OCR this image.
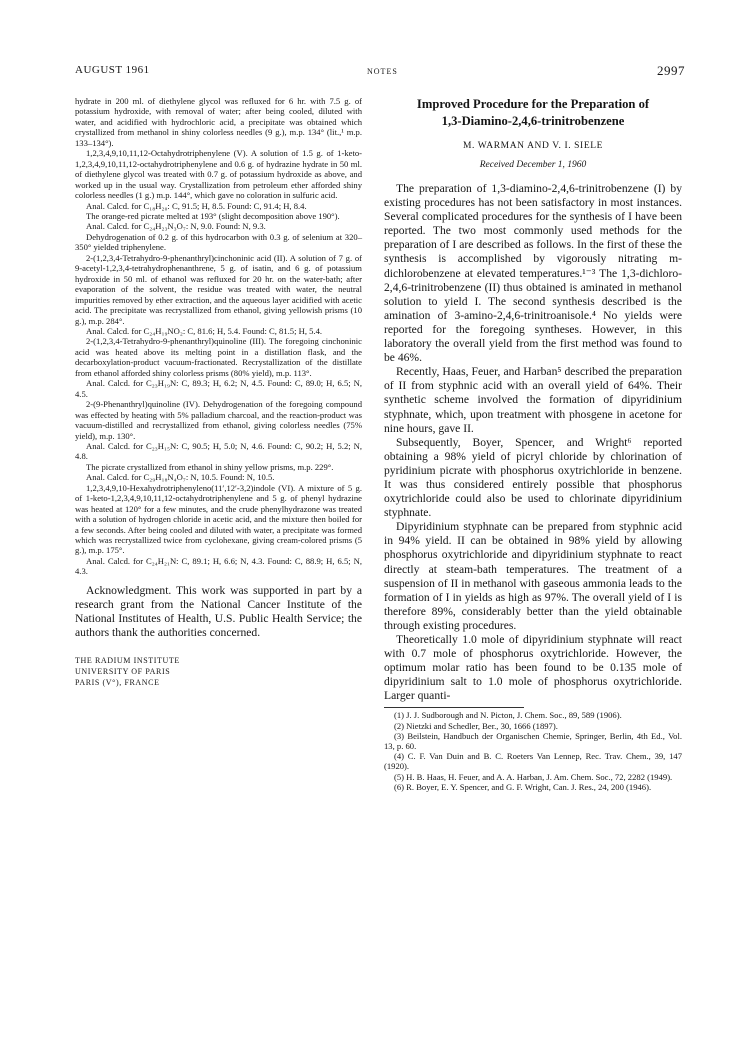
AUGUST 1961	NOTES	2997

hydrate in 200 ml. of diethylene glycol was refluxed for 6 hr. with 7.5 g. of potassium hydroxide, with removal of water; after being cooled, diluted with water, and acidified with hydrochloric acid, a precipitate was obtained which crystallized from methanol in shiny colorless needles (9 g.), m.p. 134° (lit.,¹ m.p. 133–134°).

1,2,3,4,9,10,11,12-Octahydrotriphenylene (V). A solution of 1.5 g. of 1-keto-1,2,3,4,9,10,11,12-octahydrotriphenylene and 0.6 g. of hydrazine hydrate in 50 ml. of diethylene glycol was treated with 0.7 g. of potassium hydroxide as above, and worked up in the usual way. Crystallization from petroleum ether afforded shiny colorless needles (1 g.) m.p. 144°, which gave no coloration in sulfuric acid.

Anal. Calcd. for C₁₈H₂₀: C, 91.5; H, 8.5. Found: C, 91.4; H, 8.4.

The orange-red picrate melted at 193° (slight decomposition above 190°).

Anal. Calcd. for C₂₄H₂₃N₃O₇: N, 9.0. Found: N, 9.3.

Dehydrogenation of 0.2 g. of this hydrocarbon with 0.3 g. of selenium at 320–350° yielded triphenylene.

2-(1,2,3,4-Tetrahydro-9-phenanthryl)cinchoninic acid (II). A solution of 7 g. of 9-acetyl-1,2,3,4-tetrahydrophenanthrene, 5 g. of isatin, and 6 g. of potassium hydroxide in 50 ml. of ethanol was refluxed for 20 hr. on the water-bath; after evaporation of the solvent, the residue was treated with water, the neutral impurities removed by ether extraction, and the aqueous layer acidified with acetic acid. The precipitate was recrystallized from ethanol, giving yellowish prisms (10 g.), m.p. 284°.

Anal. Calcd. for C₂₄H₁₉NO₂: C, 81.6; H, 5.4. Found: C, 81.5; H, 5.4.

2-(1,2,3,4-Tetrahydro-9-phenanthryl)quinoline (III). The foregoing cinchoninic acid was heated above its melting point in a distillation flask, and the decarboxylation-product vacuum-fractionated. Recrystallization of the distillate from ethanol afforded shiny colorless prisms (80% yield), m.p. 113°.

Anal. Calcd. for C₂₃H₁₉N: C, 89.3; H, 6.2; N, 4.5. Found: C, 89.0; H, 6.5; N, 4.5.

2-(9-Phenanthryl)quinoline (IV). Dehydrogenation of the foregoing compound was effected by heating with 5% palladium charcoal, and the reaction-product was vacuum-distilled and recrystallized from ethanol, giving colorless needles (75% yield), m.p. 130°.

Anal. Calcd. for C₂₃H₁₅N: C, 90.5; H, 5.0; N, 4.6. Found: C, 90.2; H, 5.2; N, 4.8.

The picrate crystallized from ethanol in shiny yellow prisms, m.p. 229°.

Anal. Calcd. for C₂₉H₁₈N₄O₇: N, 10.5. Found: N, 10.5.

1,2,3,4,9,10-Hexahydrotriphenyleno(11′,12′-3,2)indole (VI). A mixture of 5 g. of 1-keto-1,2,3,4,9,10,11,12-octahydrotriphenylene and 5 g. of phenyl hydrazine was heated at 120° for a few minutes, and the crude phenylhydrazone was treated with a solution of hydrogen chloride in acetic acid, and the mixture then boiled for a few seconds. After being cooled and diluted with water, a precipitate was formed which was recrystallized twice from cyclohexane, giving cream-colored prisms (5 g.), m.p. 175°.

Anal. Calcd. for C₂₄H₂₁N: C, 89.1; H, 6.6; N, 4.3. Found: C, 88.9; H, 6.5; N, 4.3.

Acknowledgment. This work was supported in part by a research grant from the National Cancer Institute of the National Institutes of Health, U.S. Public Health Service; the authors thank the authorities concerned.

THE RADIUM INSTITUTE
UNIVERSITY OF PARIS
PARIS (V°), FRANCE

Improved Procedure for the Preparation of
1,3-Diamino-2,4,6-trinitrobenzene

M. WARMAN AND V. I. SIELE
Received December 1, 1960

The preparation of 1,3-diamino-2,4,6-trinitrobenzene (I) by existing procedures has not been satisfactory in most instances. Several complicated procedures for the synthesis of I have been reported. The two most commonly used methods for the preparation of I are described as follows. In the first of these the synthesis is accomplished by vigorously nitrating m-dichlorobenzene at elevated temperatures.¹⁻³ The 1,3-dichloro-2,4,6-trinitrobenzene (II) thus obtained is aminated in methanol solution to yield I. The second synthesis described is the amination of 3-amino-2,4,6-trinitroanisole.⁴ No yields were reported for the foregoing syntheses. However, in this laboratory the overall yield from the first method was found to be 46%.

Recently, Haas, Feuer, and Harban⁵ described the preparation of II from styphnic acid with an overall yield of 64%. Their synthetic scheme involved the formation of dipyridinium styphnate, which, upon treatment with phosgene in acetone for nine hours, gave II.

Subsequently, Boyer, Spencer, and Wright⁶ reported obtaining a 98% yield of picryl chloride by chlorination of pyridinium picrate with phosphorus oxytrichloride in benzene. It was thus considered entirely possible that phosphorus oxytrichloride could also be used to chlorinate dipyridinium styphnate.

Dipyridinium styphnate can be prepared from styphnic acid in 94% yield. II can be obtained in 98% yield by allowing phosphorus oxytrichloride and dipyridinium styphnate to react directly at steam-bath temperatures. The treatment of a suspension of II in methanol with gaseous ammonia leads to the formation of I in yields as high as 97%. The overall yield of I is therefore 89%, considerably better than the yield obtainable through existing procedures.

Theoretically 1.0 mole of dipyridinium styphnate will react with 0.7 mole of phosphorus oxytrichloride. However, the optimum molar ratio has been found to be 0.135 mole of dipyridinium salt to 1.0 mole of phosphorus oxytrichloride. Larger quanti-

(1) J. J. Sudborough and N. Picton, J. Chem. Soc., 89, 589 (1906).

(2) Nietzki and Schedler, Ber., 30, 1666 (1897).

(3) Beilstein, Handbuch der Organischen Chemie, Springer, Berlin, 4th Ed., Vol. 13, p. 60.

(4) C. F. Van Duin and B. C. Roeters Van Lennep, Rec. Trav. Chem., 39, 147 (1920).

(5) H. B. Haas, H. Feuer, and A. A. Harban, J. Am. Chem. Soc., 72, 2282 (1949).

(6) R. Boyer, E. Y. Spencer, and G. F. Wright, Can. J. Res., 24, 200 (1946).
